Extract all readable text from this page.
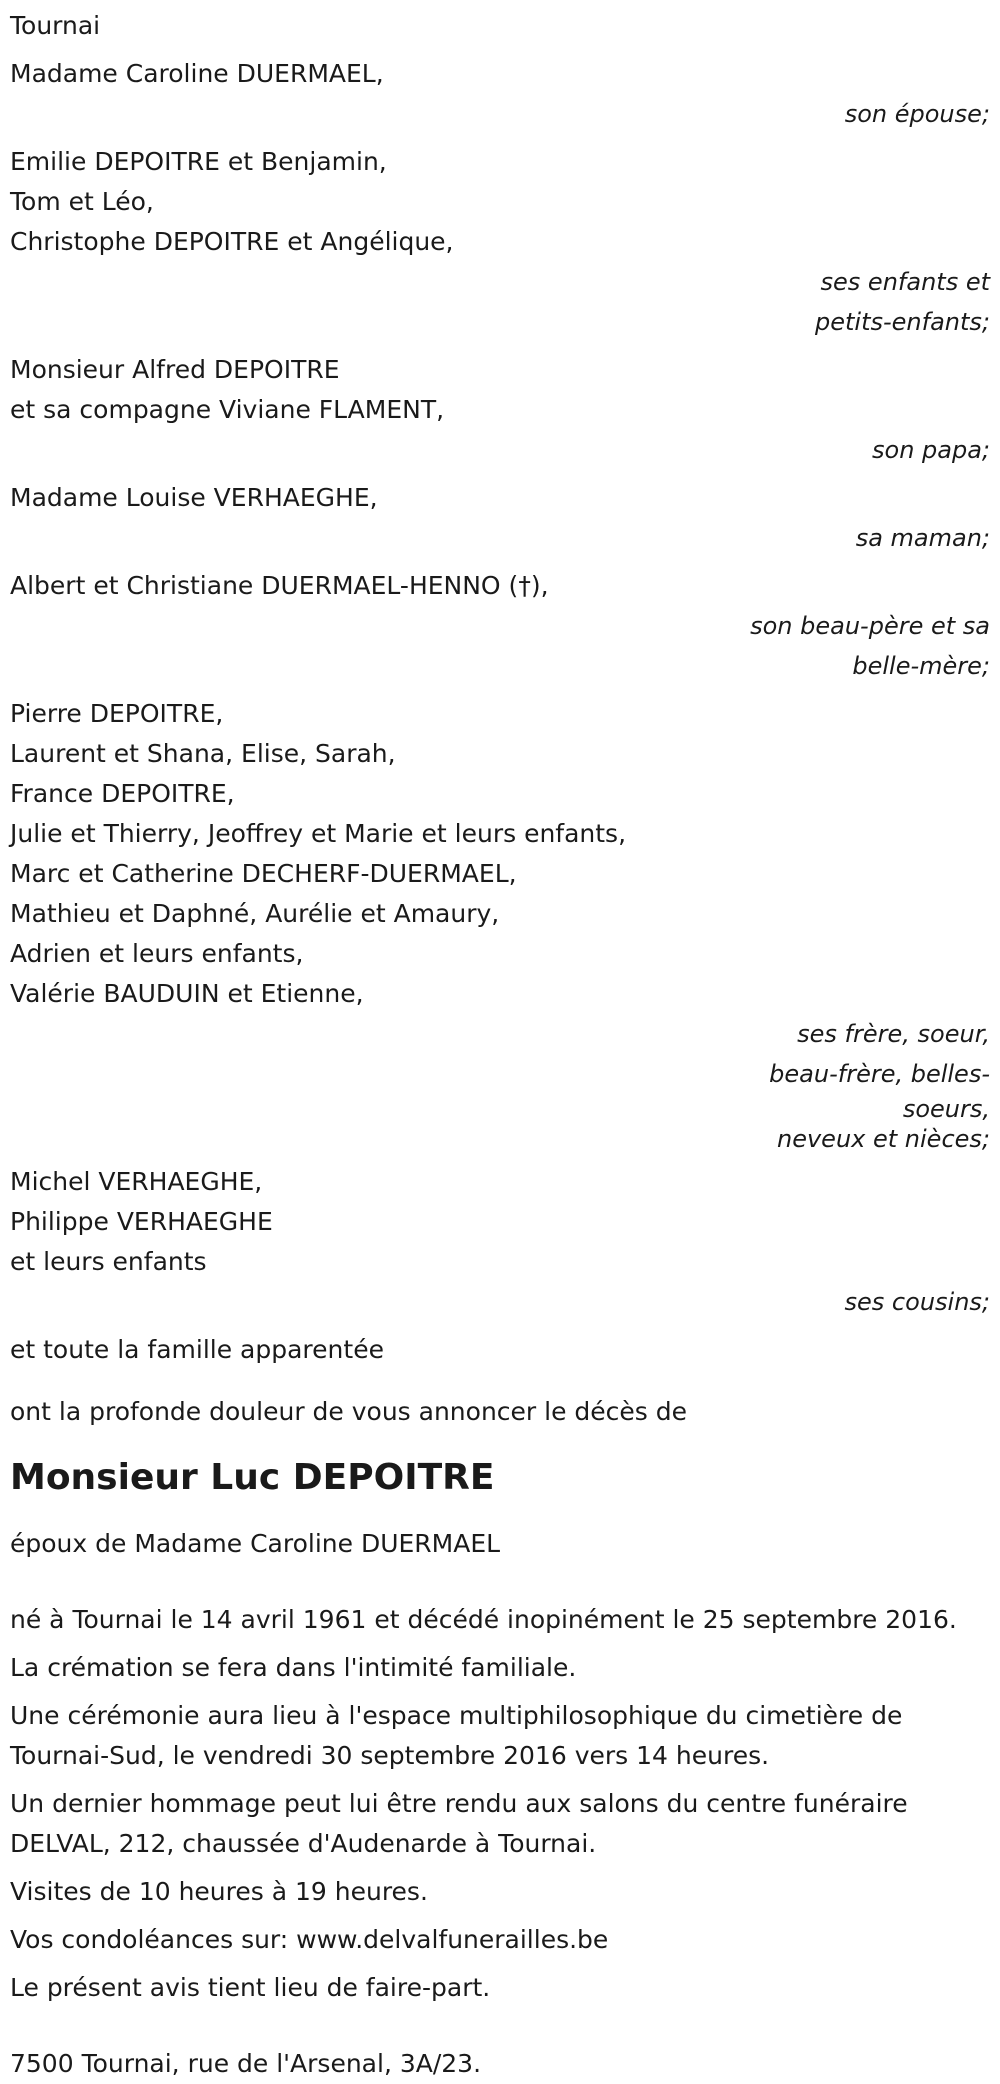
Tournai
Madame Caroline DUERMAEL,
son épouse;
Emilie DEPOITRE et Benjamin,
Tom et Léo,
Christophe DEPOITRE et Angélique,
ses enfants et
petits-enfants;
Monsieur Alfred DEPOITRE
et sa compagne Viviane FLAMENT,
son papa;
Madame Louise VERHAEGHE,
sa maman;
Albert et Christiane DUERMAEL-HENNO (†),
son beau-père et sa
belle-mère;
Pierre DEPOITRE,
Laurent et Shana, Elise, Sarah,
France DEPOITRE,
Julie et Thierry, Jeoffrey et Marie et leurs enfants,
Marc et Catherine DECHERF-DUERMAEL,
Mathieu et Daphné, Aurélie et Amaury,
Adrien et leurs enfants,
Valérie BAUDUIN et Etienne,
ses frère, soeur,
beau-frère, belles-
soeurs,
neveux et nièces;
Michel VERHAEGHE,
Philippe VERHAEGHE
et leurs enfants
ses cousins;
et toute la famille apparentée
ont la profonde douleur de vous annoncer le décès de
Monsieur Luc DEPOITRE
époux de Madame Caroline DUERMAEL
né à Tournai le 14 avril 1961 et décédé inopinément le 25 septembre 2016.
La crémation se fera dans l'intimité familiale.
Une cérémonie aura lieu à l'espace multiphilosophique du cimetière de Tournai-Sud, le vendredi 30 septembre 2016 vers 14 heures.
Un dernier hommage peut lui être rendu aux salons du centre funéraire DELVAL, 212, chaussée d'Audenarde à Tournai.
Visites de 10 heures à 19 heures.
Vos condoléances sur: www.delvalfunerailles.be
Le présent avis tient lieu de faire-part.
7500 Tournai, rue de l'Arsenal, 3A/23.
